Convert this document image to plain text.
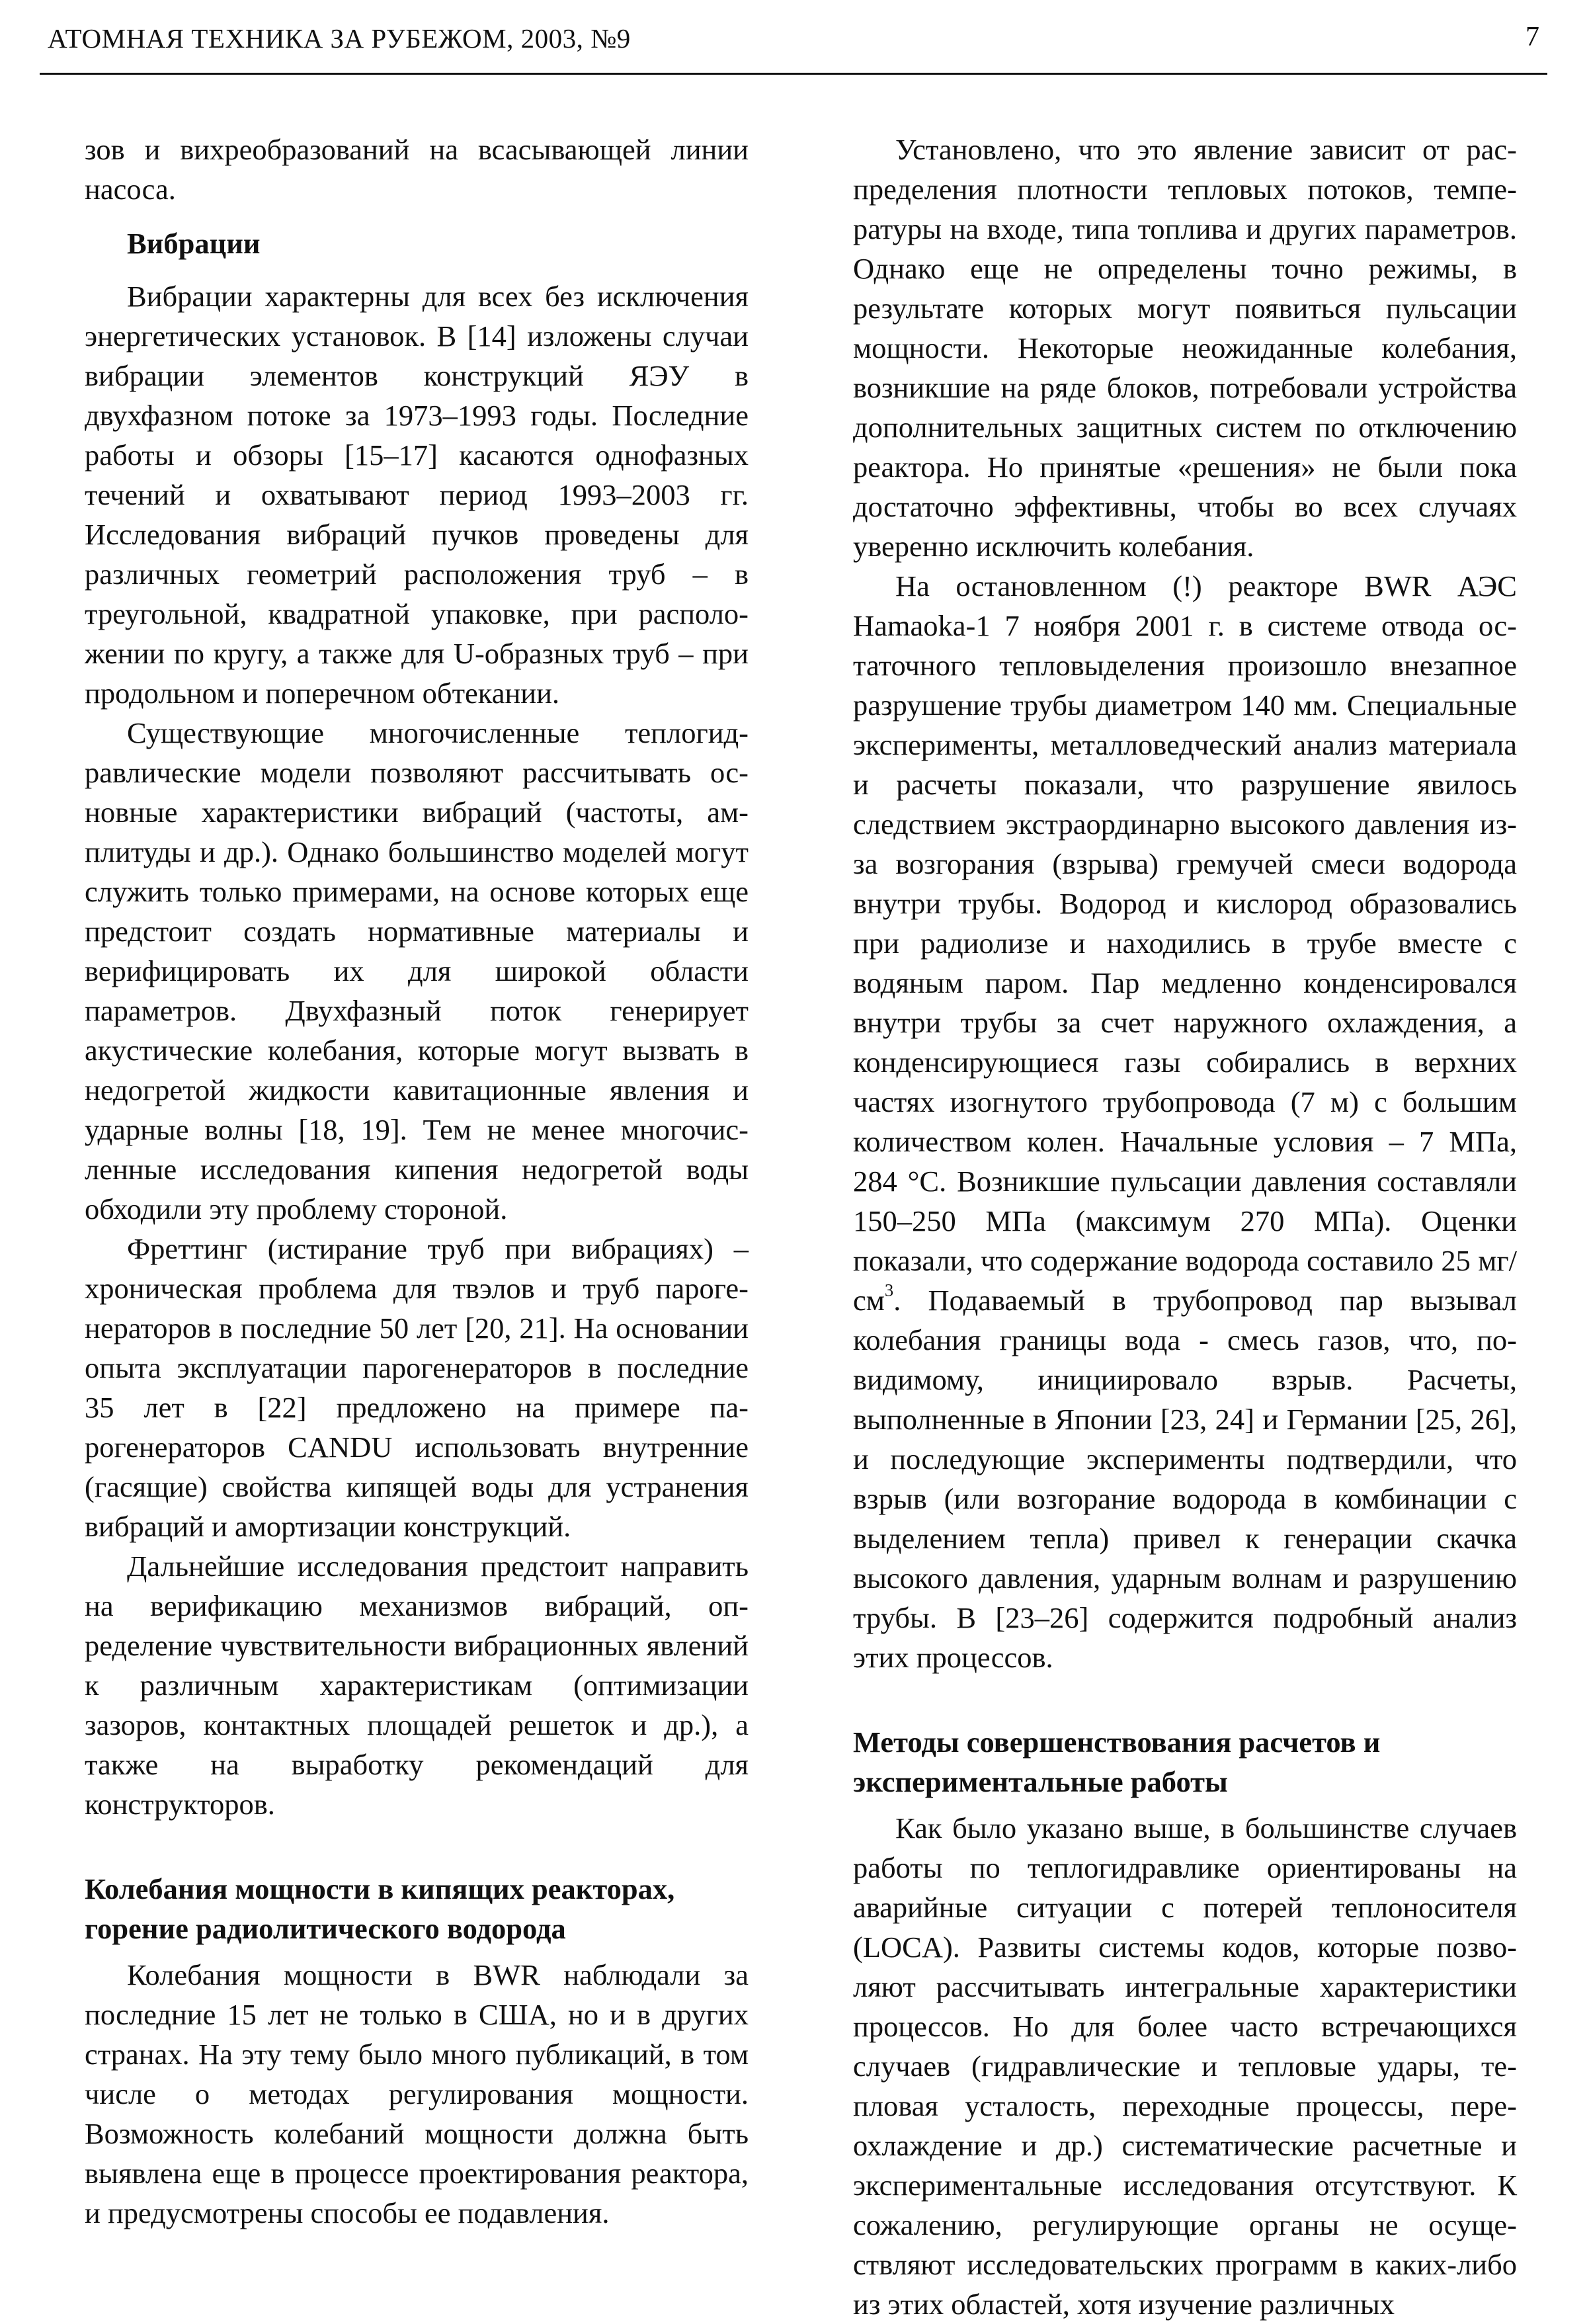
АТОМНАЯ ТЕХНИКА ЗА РУБЕЖОМ, 2003, №9	7

зов и вихреобразований на всасывающей линии насоса.

Вибрации

Вибрации характерны для всех без исключения энергетических установок. В [14] изложены случаи вибрации элементов конструкций ЯЭУ в двухфазном потоке за 1973–1993 годы. Последние работы и обзоры [15–17] касаются однофазных течений и охватывают период 1993–2003 гг. Исследования вибраций пучков проведены для различных геометрий расположения труб – в треугольной, квадратной упаковке, при расположении по кругу, а также для U-образных труб – при продольном и поперечном обтекании.

Существующие многочисленные теплогидравлические модели позволяют рассчитывать основные характеристики вибраций (частоты, амплитуды и др.). Однако большинство моделей могут служить только примерами, на основе которых еще предстоит создать нормативные материалы и верифицировать их для широкой области параметров. Двухфазный поток генерирует акустические колебания, которые могут вызвать в недогретой жидкости кавитационные явления и ударные волны [18, 19]. Тем не менее многочисленные исследования кипения недогретой воды обходили эту проблему стороной.

Фреттинг (истирание труб при вибрациях) – хроническая проблема для твэлов и труб парогенераторов в последние 50 лет [20, 21]. На основании опыта эксплуатации парогенераторов в последние 35 лет в [22] предложено на примере парогенераторов CANDU использовать внутренние (гасящие) свойства кипящей воды для устранения вибраций и амортизации конструкций.

Дальнейшие исследования предстоит направить на верификацию механизмов вибраций, определение чувствительности вибрационных явлений к различным характеристикам (оптимизации зазоров, контактных площадей решеток и др.), а также на выработку рекомендаций для конструкторов.

Колебания мощности в кипящих реакторах, горение радиолитического водорода

Колебания мощности в BWR наблюдали за последние 15 лет не только в США, но и в других странах. На эту тему было много публикаций, в том числе о методах регулирования мощности. Возможность колебаний мощности должна быть выявлена еще в процессе проектирования реактора, и предусмотрены способы ее подавления.

Установлено, что это явление зависит от распределения плотности тепловых потоков, температуры на входе, типа топлива и других параметров. Однако еще не определены точно режимы, в результате которых могут появиться пульсации мощности. Некоторые неожиданные колебания, возникшие на ряде блоков, потребовали устройства дополнительных защитных систем по отключению реактора. Но принятые «решения» не были пока достаточно эффективны, чтобы во всех случаях уверенно исключить колебания.

На остановленном (!) реакторе BWR АЭС Hamaoka-1 7 ноября 2001 г. в системе отвода остаточного тепловыделения произошло внезапное разрушение трубы диаметром 140 мм. Специальные эксперименты, металловедческий анализ материала и расчеты показали, что разрушение явилось следствием экстраординарно высокого давления из-за возгорания (взрыва) гремучей смеси водорода внутри трубы. Водород и кислород образовались при радиолизе и находились в трубе вместе с водяным паром. Пар медленно конденсировался внутри трубы за счет наружного охлаждения, а конденсирующиеся газы собирались в верхних частях изогнутого трубопровода (7 м) с большим количеством колен. Начальные условия – 7 МПа, 284 °С. Возникшие пульсации давления составляли 150–250 МПа (максимум 270 МПа). Оценки показали, что содержание водорода составило 25 $мг/см^3$. Подаваемый в трубопровод пар вызывал колебания границы вода - смесь газов, что, по-видимому, инициировало взрыв. Расчеты, выполненные в Японии [23, 24] и Германии [25, 26], и последующие эксперименты подтвердили, что взрыв (или возгорание водорода в комбинации с выделением тепла) привел к генерации скачка высокого давления, ударным волнам и разрушению трубы. В [23–26] содержится подробный анализ этих процессов.

Методы совершенствования расчетов и экспериментальные работы

Как было указано выше, в большинстве случаев работы по теплогидравлике ориентированы на аварийные ситуации с потерей теплоносителя (LOCA). Развиты системы кодов, которые позволяют рассчитывать интегральные характеристики процессов. Но для более часто встречающихся случаев (гидравлические и тепловые удары, тепловая усталость, переходные процессы, переохлаждение и др.) систематические расчетные и экспериментальные исследования отсутствуют. К сожалению, регулирующие органы не осуществляют исследовательских программ в каких-либо из этих областей, хотя изучение различных
